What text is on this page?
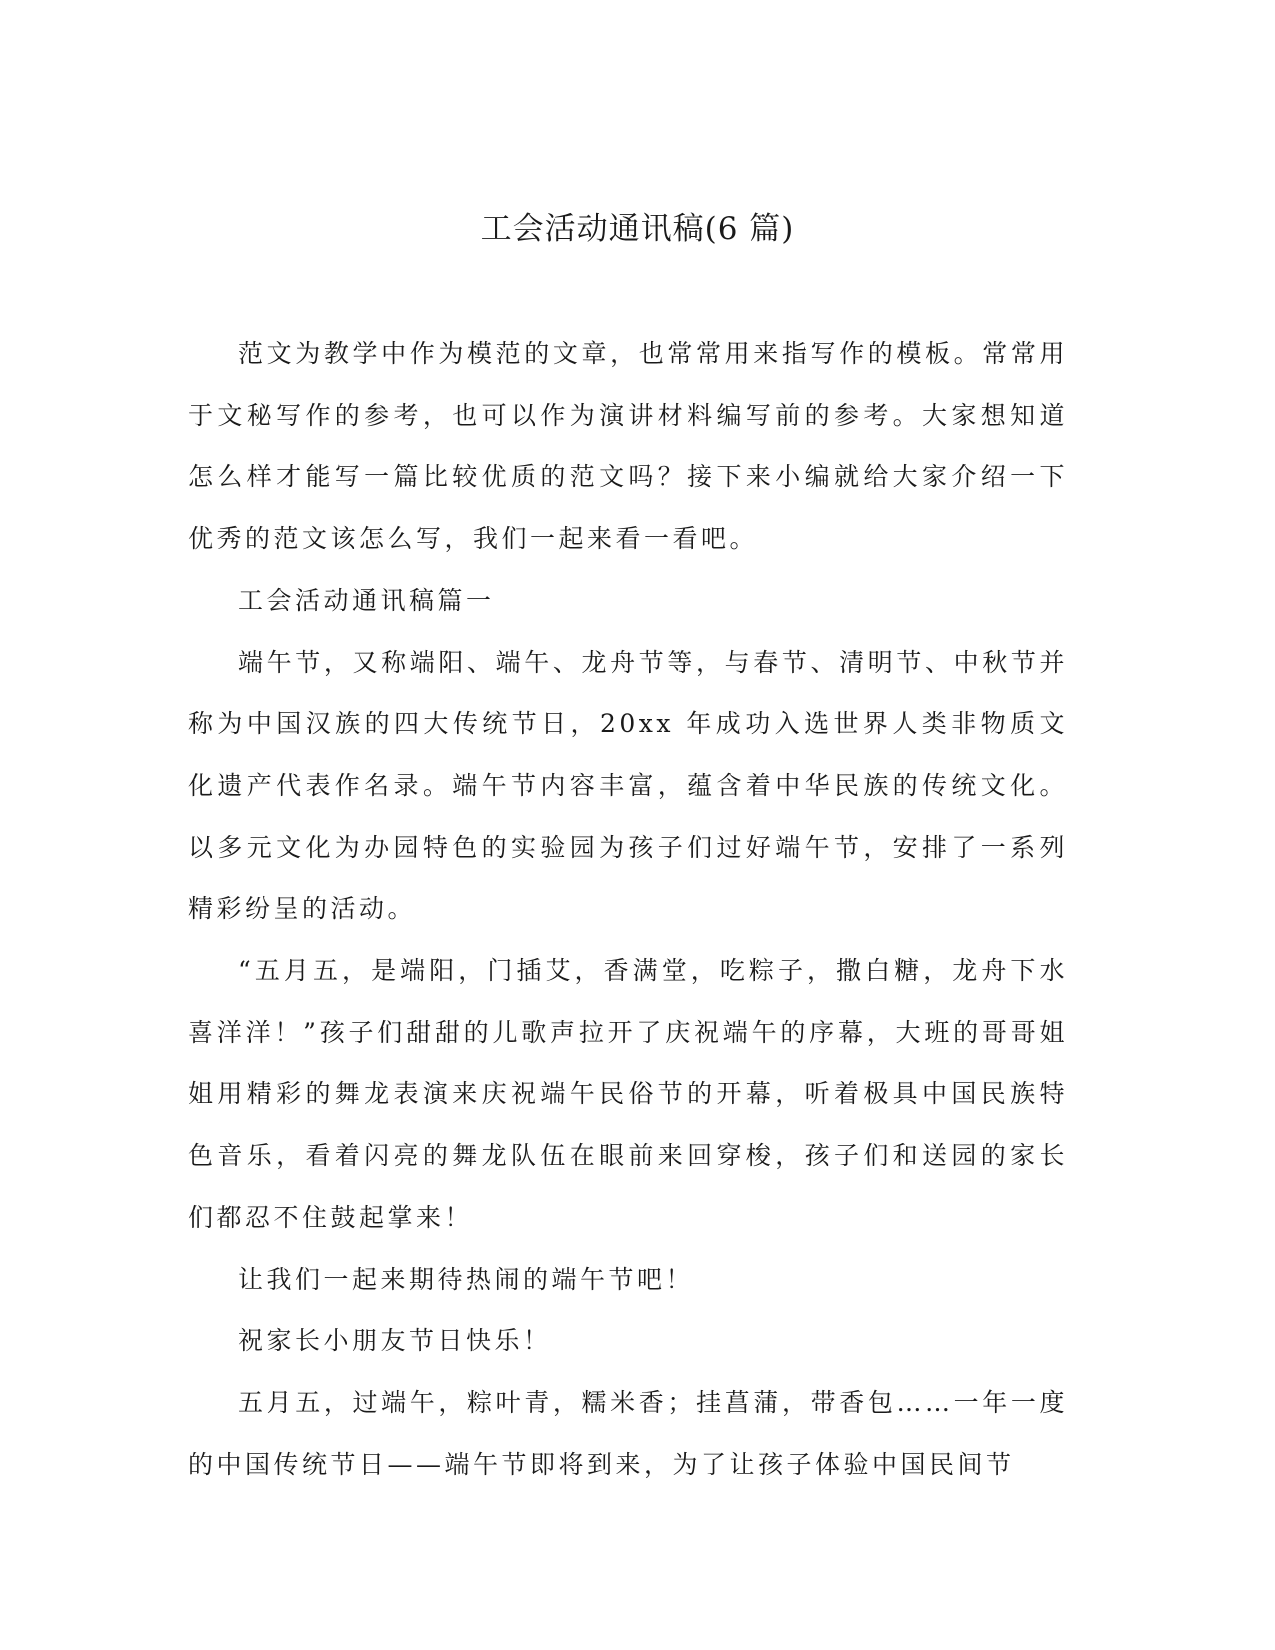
工会活动通讯稿(6 篇)

范文为教学中作为模范的文章，也常常用来指写作的模板。常常用于文秘写作的参考，也可以作为演讲材料编写前的参考。大家想知道怎么样才能写一篇比较优质的范文吗？接下来小编就给大家介绍一下优秀的范文该怎么写，我们一起来看一看吧。

工会活动通讯稿篇一

端午节，又称端阳、端午、龙舟节等，与春节、清明节、中秋节并称为中国汉族的四大传统节日，20xx 年成功入选世界人类非物质文化遗产代表作名录。端午节内容丰富，蕴含着中华民族的传统文化。以多元文化为办园特色的实验园为孩子们过好端午节，安排了一系列精彩纷呈的活动。

“五月五，是端阳，门插艾，香满堂，吃粽子，撒白糖，龙舟下水喜洋洋！”孩子们甜甜的儿歌声拉开了庆祝端午的序幕，大班的哥哥姐姐用精彩的舞龙表演来庆祝端午民俗节的开幕，听着极具中国民族特色音乐，看着闪亮的舞龙队伍在眼前来回穿梭，孩子们和送园的家长们都忍不住鼓起掌来！

让我们一起来期待热闹的端午节吧！

祝家长小朋友节日快乐！

五月五，过端午，粽叶青，糯米香；挂菖蒲，带香包……一年一度的中国传统节日——端午节即将到来，为了让孩子体验中国民间节
